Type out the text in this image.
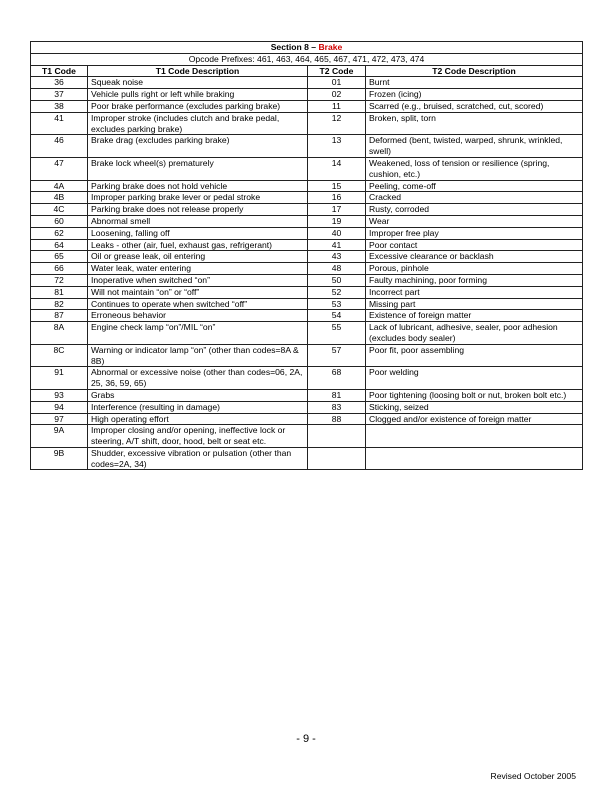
Section 8 – Brake			
Opcode Prefixes: 461, 463, 464, 465, 467, 471, 472, 473, 474			
T1 Code	T1 Code Description	T2 Code	T2 Code Description
36	Squeak noise	01	Burnt
37	Vehicle pulls right or left while braking	02	Frozen (icing)
38	Poor brake performance (excludes parking brake)	11	Scarred (e.g., bruised, scratched, cut, scored)
41	Improper stroke (includes clutch and brake pedal, excludes parking brake)	12	Broken, split, torn
46	Brake drag (excludes parking brake)	13	Deformed (bent, twisted, warped, shrunk, wrinkled, swell)
47	Brake lock wheel(s) prematurely	14	Weakened, loss of tension or resilience (spring, cushion, etc.)
4A	Parking brake does not hold vehicle	15	Peeling, come-off
4B	Improper parking brake lever or pedal stroke	16	Cracked
4C	Parking brake does not release properly	17	Rusty, corroded
60	Abnormal smell	19	Wear
62	Loosening, falling off	40	Improper free play
64	Leaks - other (air, fuel, exhaust gas, refrigerant)	41	Poor contact
65	Oil or grease leak, oil entering	43	Excessive clearance or backlash
66	Water leak, water entering	48	Porous, pinhole
72	Inoperative when switched “on”	50	Faulty machining, poor forming
81	Will not maintain “on” or “off”	52	Incorrect part
82	Continues to operate when switched “off”	53	Missing part
87	Erroneous behavior	54	Existence of foreign matter
8A	Engine check lamp “on”/MIL “on”	55	Lack of lubricant, adhesive, sealer, poor adhesion (excludes body sealer)
8C	Warning or indicator lamp “on” (other than codes=8A & 8B)	57	Poor fit, poor assembling
91	Abnormal or excessive noise (other than codes=06, 2A, 25, 36, 59, 65)	68	Poor welding
93	Grabs	81	Poor tightening (loosing bolt or nut, broken bolt etc.)
94	Interference (resulting in damage)	83	Sticking, seized
97	High operating effort	88	Clogged and/or existence of foreign matter
9A	Improper closing and/or opening, ineffective lock or steering, A/T shift, door, hood, belt or seat etc.		
9B	Shudder, excessive vibration or pulsation (other than codes=2A, 34)		
- 9 -
Revised October 2005
